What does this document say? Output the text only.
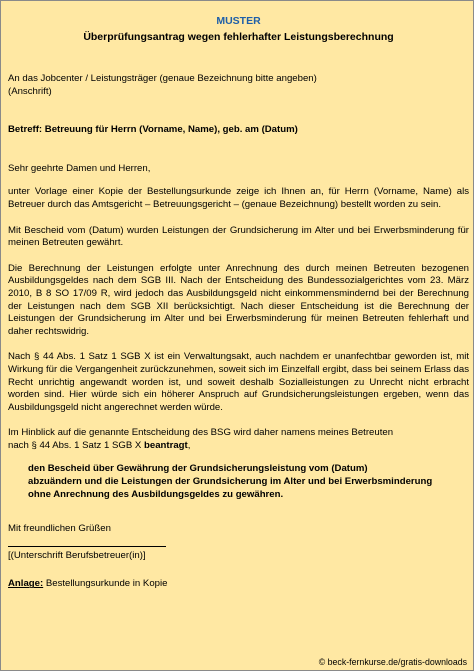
MUSTER
Überprüfungsantrag wegen fehlerhafter Leistungsberechnung

An das Jobcenter / Leistungsträger (genaue Bezeichnung bitte angeben)

(Anschrift)

Betreff: Betreuung für Herrn (Vorname, Name), geb. am (Datum)

Sehr geehrte Damen und Herren,

unter Vorlage einer Kopie der Bestellungsurkunde zeige ich Ihnen an, für Herrn (Vorname, Name) als Betreuer durch das Amtsgericht – Betreuungsgericht – (genaue Bezeichnung) bestellt worden zu sein.

Mit Bescheid vom (Datum) wurden Leistungen der Grundsicherung im Alter und bei Erwerbsminderung für meinen Betreuten gewährt.

Die Berechnung der Leistungen erfolgte unter Anrechnung des durch meinen Betreuten bezogenen Ausbildungsgeldes nach dem SGB III. Nach der Entscheidung des Bundessozialgerichtes vom 23. März 2010, B 8 SO 17/09 R, wird jedoch das Ausbildungsgeld nicht einkommensmindernd bei der Berechnung der Leistungen nach dem SGB XII berücksichtigt. Nach dieser Entscheidung ist die Berechnung der Leistungen der Grundsicherung im Alter und bei Erwerbsminderung für meinen Betreuten fehlerhaft und daher rechtswidrig.

Nach § 44 Abs. 1 Satz 1 SGB X ist ein Verwaltungsakt, auch nachdem er unanfechtbar geworden ist, mit Wirkung für die Vergangenheit zurückzunehmen, soweit sich im Einzelfall ergibt, dass bei seinem Erlass das Recht unrichtig angewandt worden ist, und soweit deshalb Sozialleistungen zu Unrecht nicht erbracht worden sind. Hier würde sich ein höherer Anspruch auf Grundsicherungsleistungen ergeben, wenn das Ausbildungsgeld nicht angerechnet werden würde.

Im Hinblick auf die genannte Entscheidung des BSG wird daher namens meines Betreuten

nach § 44 Abs. 1 Satz 1 SGB X beantragt,

den Bescheid über Gewährung der Grundsicherungsleistung vom (Datum)

abzuändern und die Leistungen der Grundsicherung im Alter und bei Erwerbsminderung

ohne Anrechnung des Ausbildungsgeldes zu gewähren.

Mit freundlichen Grüßen

[(Unterschrift Berufsbetreuer(in)]

Anlage: Bestellungsurkunde in Kopie

© beck-fernkurse.de/gratis-downloads
